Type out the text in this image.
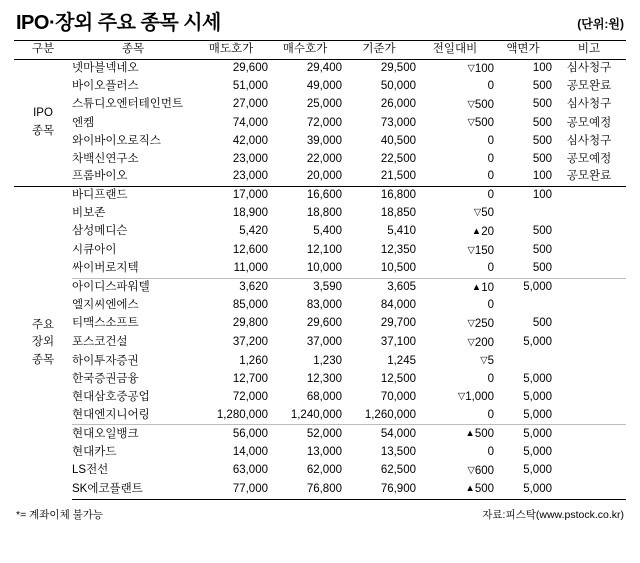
IPO·장외 주요 종목 시세	(단위:원)
구분	종목	매도호가	매수호가	기준가	전일대비	액면가	비고
IPO
종목	넷마블넥네오	29,600	29,400	29,500	▽100	100	심사청구
	바이오플러스	51,000	49,000	50,000	0	500	공모완료
	스튜디오엔터테인먼트	27,000	25,000	26,000	▽500	500	심사청구
	엔켐	74,000	72,000	73,000	▽500	500	공모예정
	와이바이오로직스	42,000	39,000	40,500	0	500	심사청구
	차백신연구소	23,000	22,000	22,500	0	500	공모예정
	프롬바이오	23,000	20,000	21,500	0	100	공모완료
주요
장외
종목	바디프랜드	17,000	16,600	16,800	0	100	
	비보존	18,900	18,800	18,850	▽50		
	삼성메디슨	5,420	5,400	5,410	▲20	500	
	시큐아이	12,600	12,100	12,350	▽150	500	
	싸이버로지텍	11,000	10,000	10,500	0	500	
	아이디스파워텔	3,620	3,590	3,605	▲10	5,000	
	엘지씨엔에스	85,000	83,000	84,000	0		
	티맥스소프트	29,800	29,600	29,700	▽250	500	
	포스코건설	37,200	37,000	37,100	▽200	5,000	
	하이투자증권	1,260	1,230	1,245	▽5		
	한국증권금융	12,700	12,300	12,500	0	5,000	
	현대삼호중공업	72,000	68,000	70,000	▽1,000	5,000	
	현대엔지니어링	1,280,000	1,240,000	1,260,000	0	5,000	
	현대오일뱅크	56,000	52,000	54,000	▲500	5,000	
	현대카드	14,000	13,000	13,500	0	5,000	
	LS전선	63,000	62,000	62,500	▽600	5,000	
	SK에코플랜트	77,000	76,800	76,900	▲500	5,000	
*= 계좌이체 불가능	자료:피스탁(www.pstock.co.kr)
